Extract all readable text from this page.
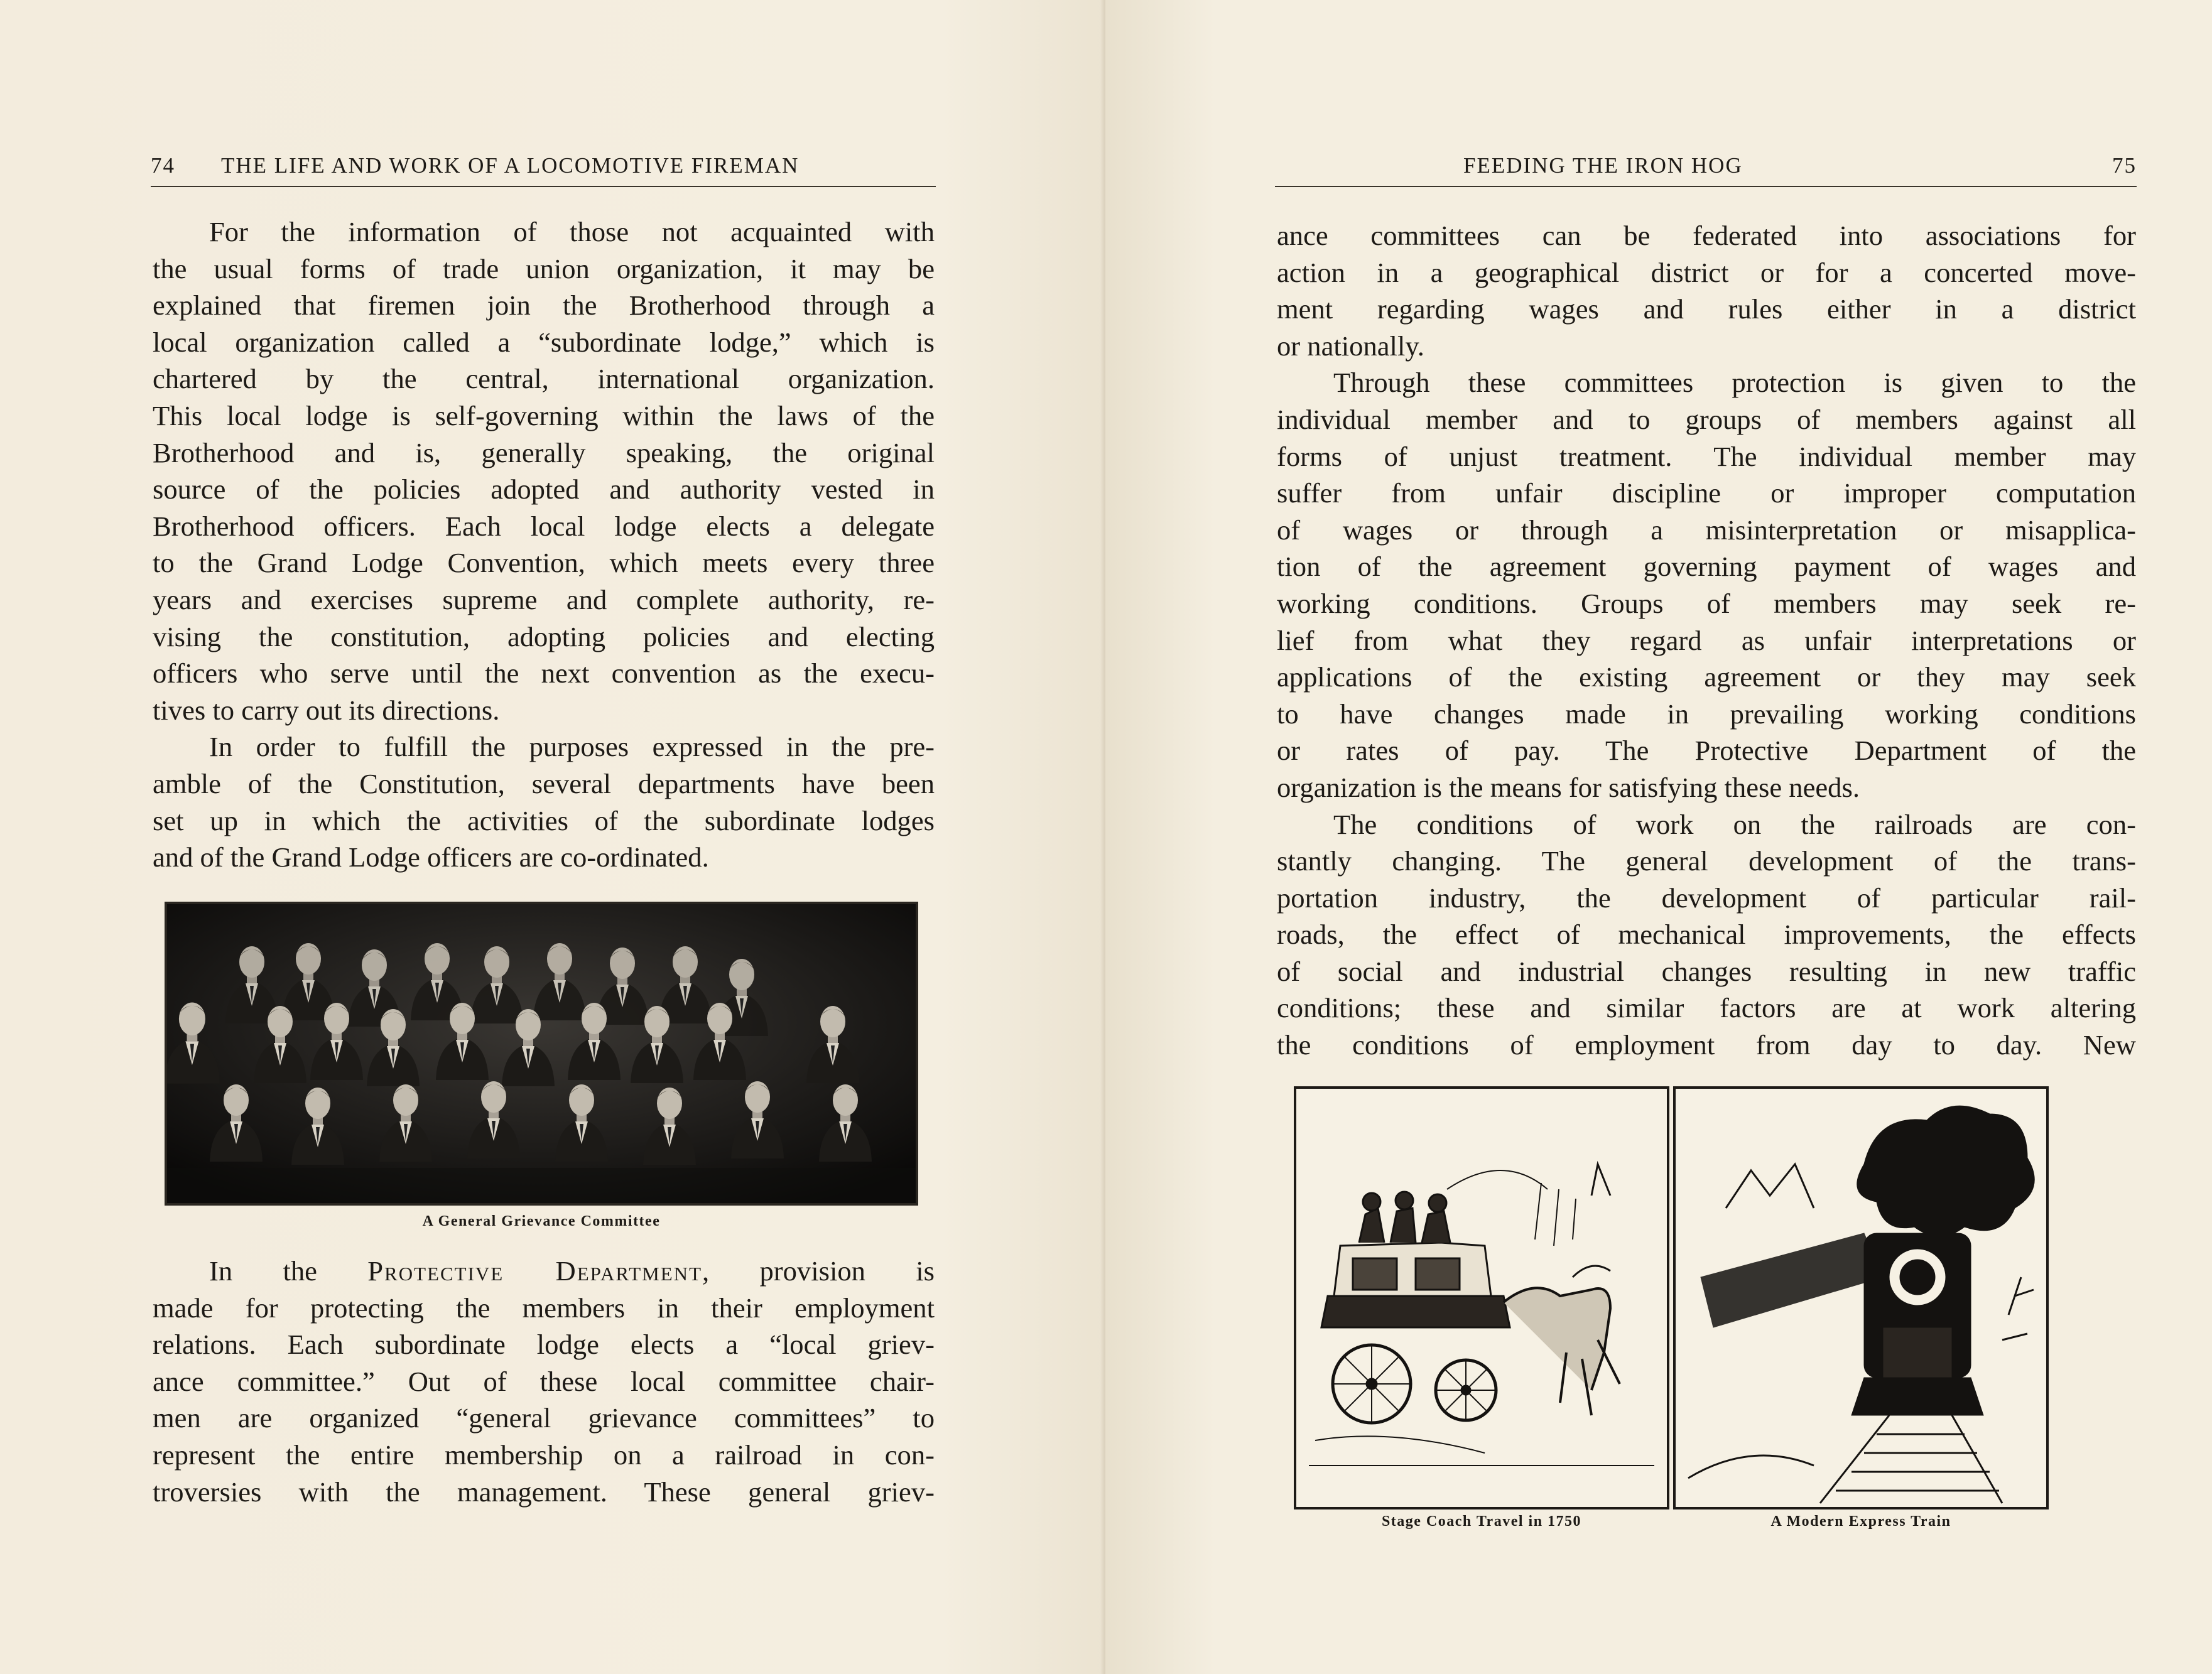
74 THE LIFE AND WORK OF A LOCOMOTIVE FIREMAN

For the information of those not acquainted with

the usual forms of trade union organization, it may be

explained that firemen join the Brotherhood through a

local organization called a “subordinate lodge,” which is

chartered by the central, international organization.

This local lodge is self-governing within the laws of the

Brotherhood and is, generally speaking, the original

source of the policies adopted and authority vested in

Brotherhood officers. Each local lodge elects a delegate

to the Grand Lodge Convention, which meets every three

years and exercises supreme and complete authority, re-

vising the constitution, adopting policies and electing

officers who serve until the next convention as the execu-

tives to carry out its directions.

In order to fulfill the purposes expressed in the pre-

amble of the Constitution, several departments have been

set up in which the activities of the subordinate lodges

and of the Grand Lodge officers are co-ordinated.

A General Grievance Committee

In the Protective Department, provision is

made for protecting the members in their employment

relations. Each subordinate lodge elects a “local griev-

ance committee.” Out of these local committee chair-

men are organized “general grievance committees” to

represent the entire membership on a railroad in con-

troversies with the management. These general griev-

FEEDING THE IRON HOG	75

ance committees can be federated into associations for

action in a geographical district or for a concerted move-

ment regarding wages and rules either in a district

or nationally.

Through these committees protection is given to the

individual member and to groups of members against all

forms of unjust treatment. The individual member may

suffer from unfair discipline or improper computation

of wages or through a misinterpretation or misapplica-

tion of the agreement governing payment of wages and

working conditions. Groups of members may seek re-

lief from what they regard as unfair interpretations or

applications of the existing agreement or they may seek

to have changes made in prevailing working conditions

or rates of pay. The Protective Department of the

organization is the means for satisfying these needs.

The conditions of work on the railroads are con-

stantly changing. The general development of the trans-

portation industry, the development of particular rail-

roads, the effect of mechanical improvements, the effects

of social and industrial changes resulting in new traffic

conditions; these and similar factors are at work altering

the conditions of employment from day to day. New

Stage Coach Travel in 1750	A Modern Express Train
